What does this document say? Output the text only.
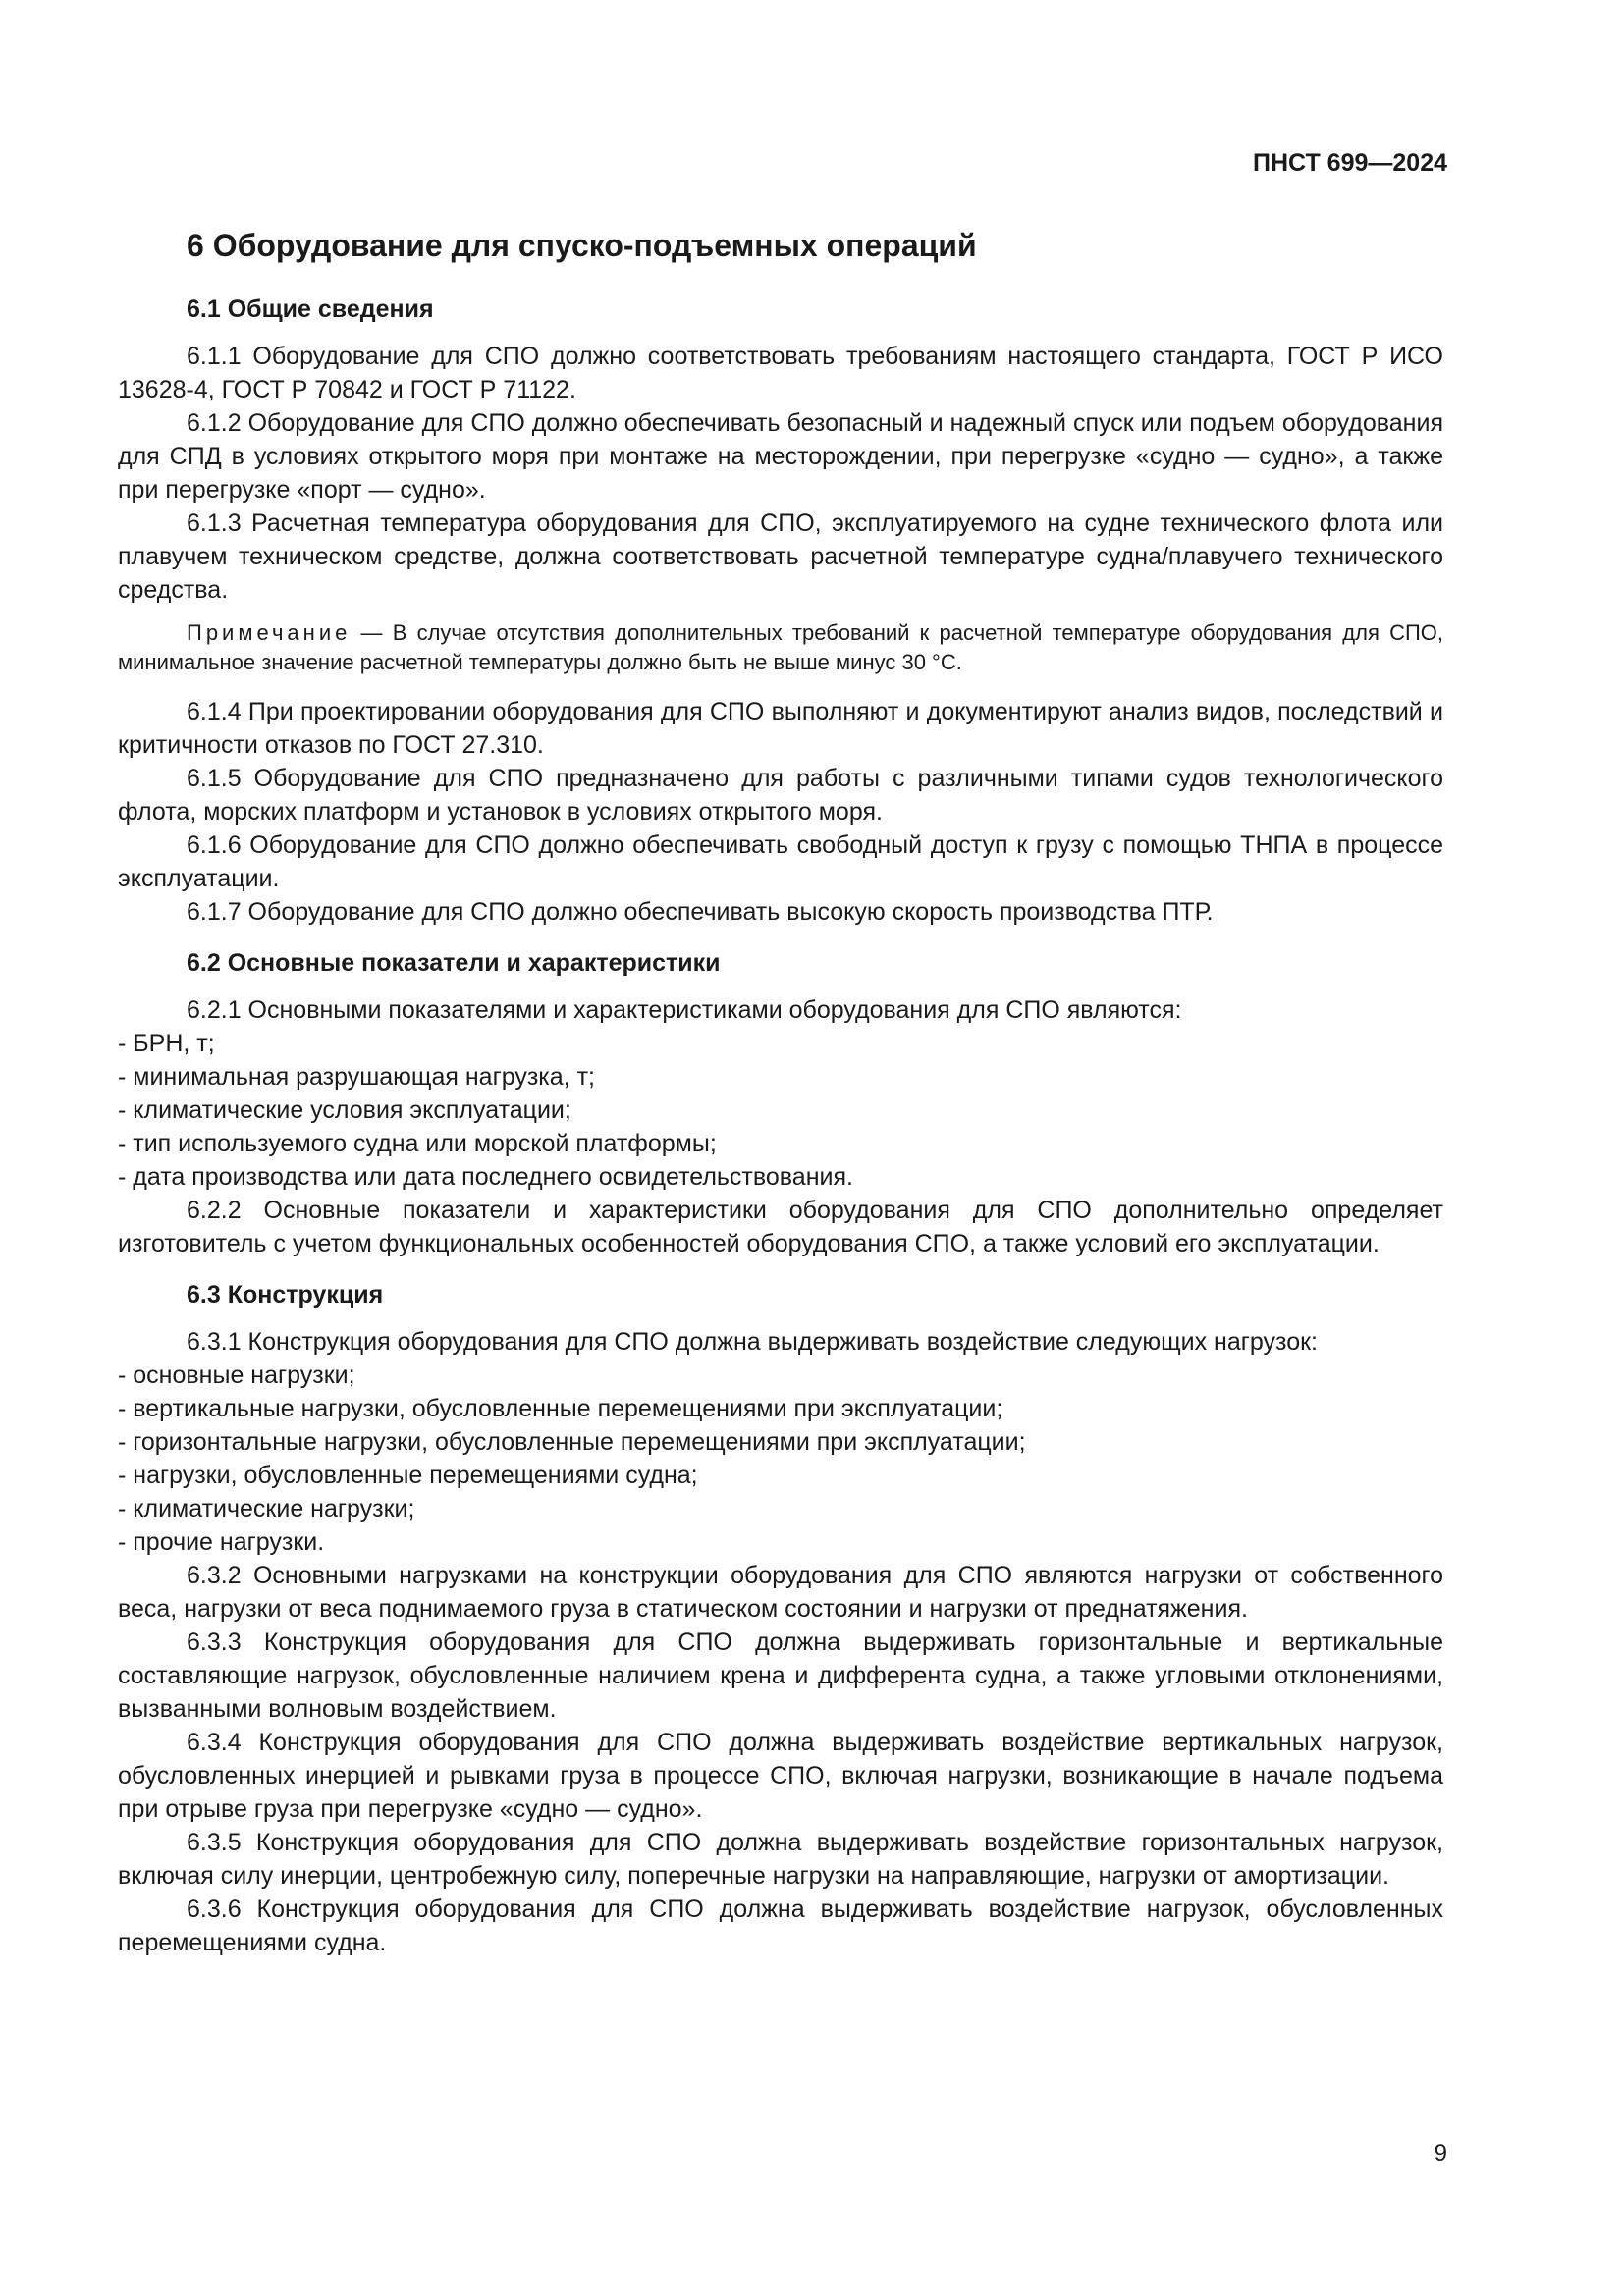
ПНСТ 699—2024
6 Оборудование для спуско-подъемных операций
6.1 Общие сведения

6.1.1 Оборудование для СПО должно соответствовать требованиям настоящего стандарта, ГОСТ Р ИСО 13628-4, ГОСТ Р 70842 и ГОСТ Р 71122.

6.1.2 Оборудование для СПО должно обеспечивать безопасный и надежный спуск или подъем оборудования для СПД в условиях открытого моря при монтаже на месторождении, при перегрузке «судно — судно», а также при перегрузке «порт — судно».

6.1.3 Расчетная температура оборудования для СПО, эксплуатируемого на судне технического флота или плавучем техническом средстве, должна соответствовать расчетной температуре судна/плавучего технического средства.

Примечание — В случае отсутствия дополнительных требований к расчетной температуре оборудования для СПО, минимальное значение расчетной температуры должно быть не выше минус 30 °С.

6.1.4 При проектировании оборудования для СПО выполняют и документируют анализ видов, последствий и критичности отказов по ГОСТ 27.310.

6.1.5 Оборудование для СПО предназначено для работы с различными типами судов технологического флота, морских платформ и установок в условиях открытого моря.

6.1.6 Оборудование для СПО должно обеспечивать свободный доступ к грузу с помощью ТНПА в процессе эксплуатации.

6.1.7 Оборудование для СПО должно обеспечивать высокую скорость производства ПТР.

6.2 Основные показатели и характеристики

6.2.1 Основными показателями и характеристиками оборудования для СПО являются:

- БРН, т;

- минимальная разрушающая нагрузка, т;

- климатические условия эксплуатации;

- тип используемого судна или морской платформы;

- дата производства или дата последнего освидетельствования.

6.2.2 Основные показатели и характеристики оборудования для СПО дополнительно определяет изготовитель с учетом функциональных особенностей оборудования СПО, а также условий его эксплуатации.

6.3 Конструкция

6.3.1 Конструкция оборудования для СПО должна выдерживать воздействие следующих нагрузок:

- основные нагрузки;

- вертикальные нагрузки, обусловленные перемещениями при эксплуатации;

- горизонтальные нагрузки, обусловленные перемещениями при эксплуатации;

- нагрузки, обусловленные перемещениями судна;

- климатические нагрузки;

- прочие нагрузки.

6.3.2 Основными нагрузками на конструкции оборудования для СПО являются нагрузки от собственного веса, нагрузки от веса поднимаемого груза в статическом состоянии и нагрузки от преднатяжения.

6.3.3 Конструкция оборудования для СПО должна выдерживать горизонтальные и вертикальные составляющие нагрузок, обусловленные наличием крена и дифферента судна, а также угловыми отклонениями, вызванными волновым воздействием.

6.3.4 Конструкция оборудования для СПО должна выдерживать воздействие вертикальных нагрузок, обусловленных инерцией и рывками груза в процессе СПО, включая нагрузки, возникающие в начале подъема при отрыве груза при перегрузке «судно — судно».

6.3.5 Конструкция оборудования для СПО должна выдерживать воздействие горизонтальных нагрузок, включая силу инерции, центробежную силу, поперечные нагрузки на направляющие, нагрузки от амортизации.

6.3.6 Конструкция оборудования для СПО должна выдерживать воздействие нагрузок, обусловленных перемещениями судна.

9
